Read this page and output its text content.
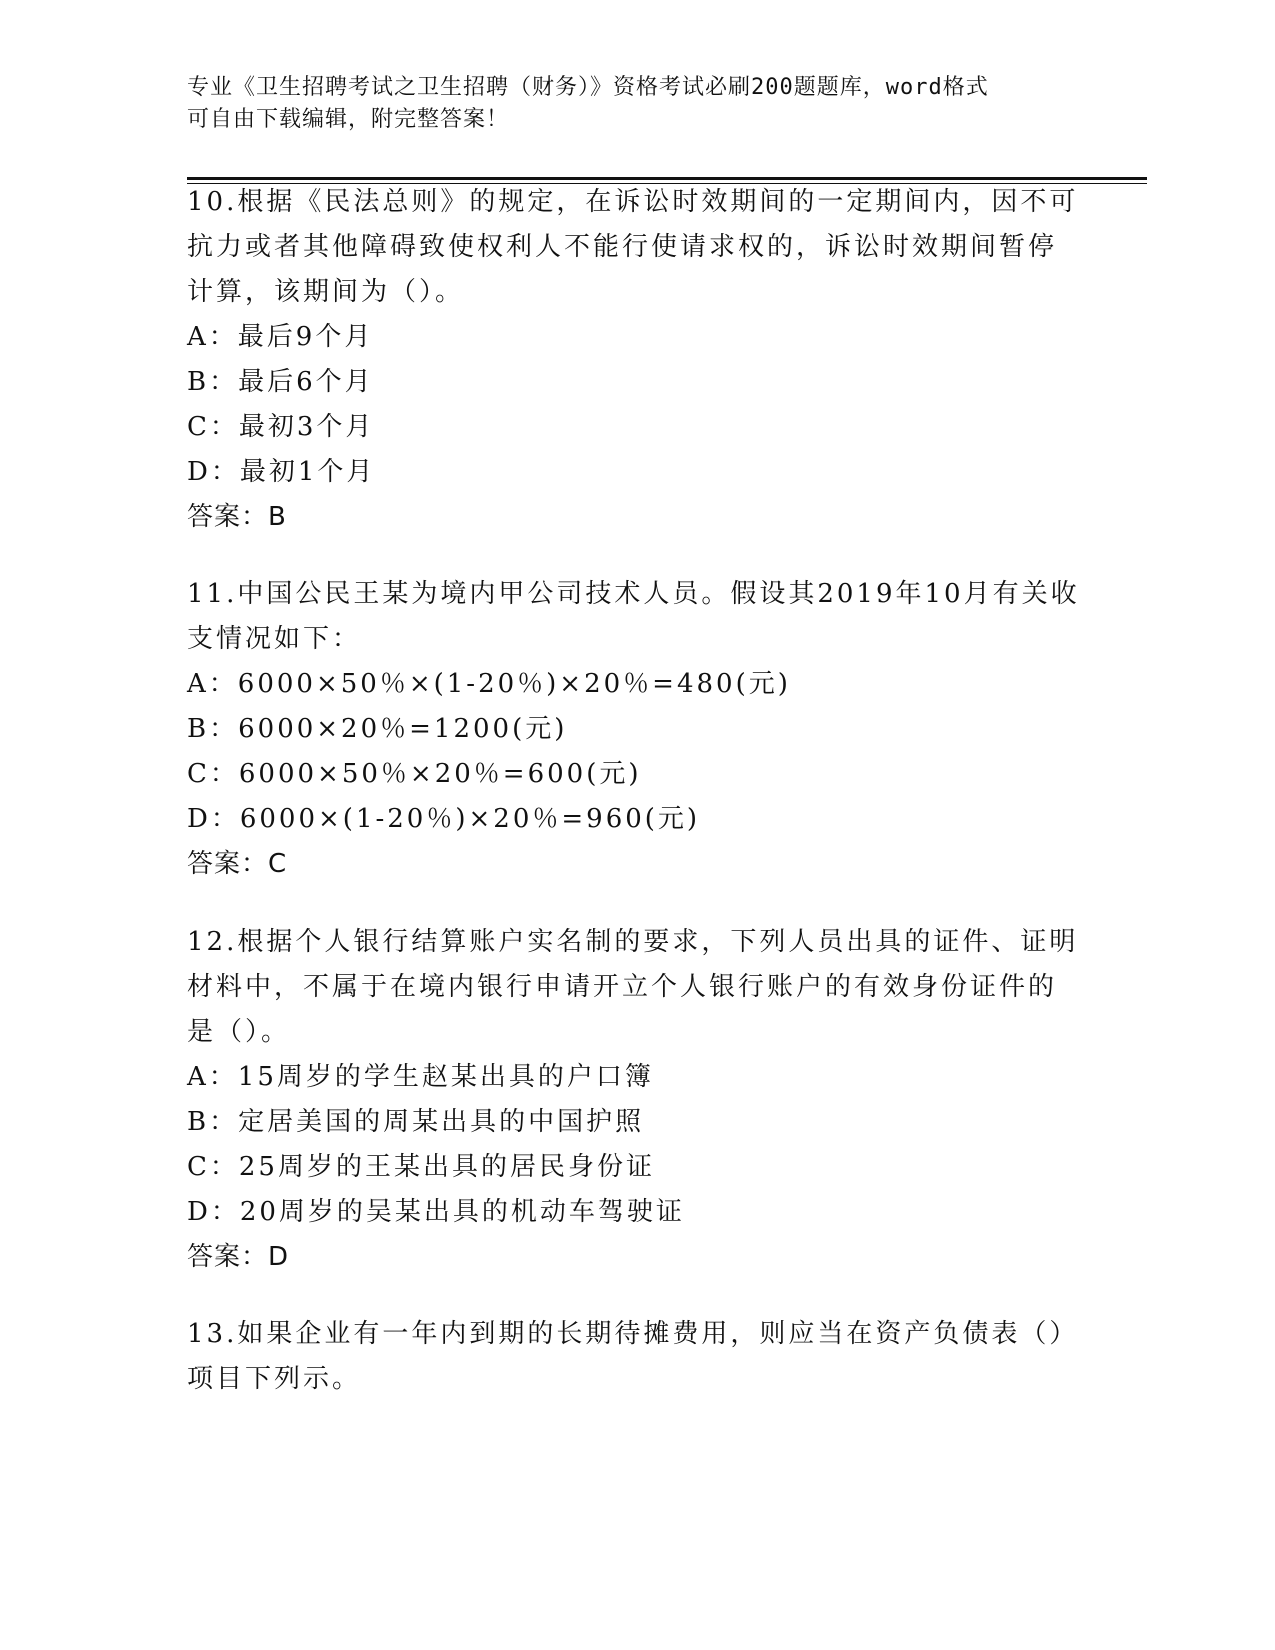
专业《卫生招聘考试之卫生招聘（财务）》资格考试必刷200题题库，word格式
可自由下载编辑，附完整答案！
10.根据《民法总则》的规定，在诉讼时效期间的一定期间内，因不可
抗力或者其他障碍致使权利人不能行使请求权的，诉讼时效期间暂停
计算，该期间为（）。
A：最后9个月
B：最后6个月
C：最初3个月
D：最初1个月
答案：B
11.中国公民王某为境内甲公司技术人员。假设其2019年10月有关收
支情况如下：
A：6000×50％×(1-20％)×20％=480(元)
B：6000×20％=1200(元)
C：6000×50％×20％=600(元)
D：6000×(1-20％)×20％=960(元)
答案：C
12.根据个人银行结算账户实名制的要求，下列人员出具的证件、证明
材料中，不属于在境内银行申请开立个人银行账户的有效身份证件的
是（）。
A：15周岁的学生赵某出具的户口簿
B：定居美国的周某出具的中国护照
C：25周岁的王某出具的居民身份证
D：20周岁的吴某出具的机动车驾驶证
答案：D
13.如果企业有一年内到期的长期待摊费用，则应当在资产负债表（）
项目下列示。
